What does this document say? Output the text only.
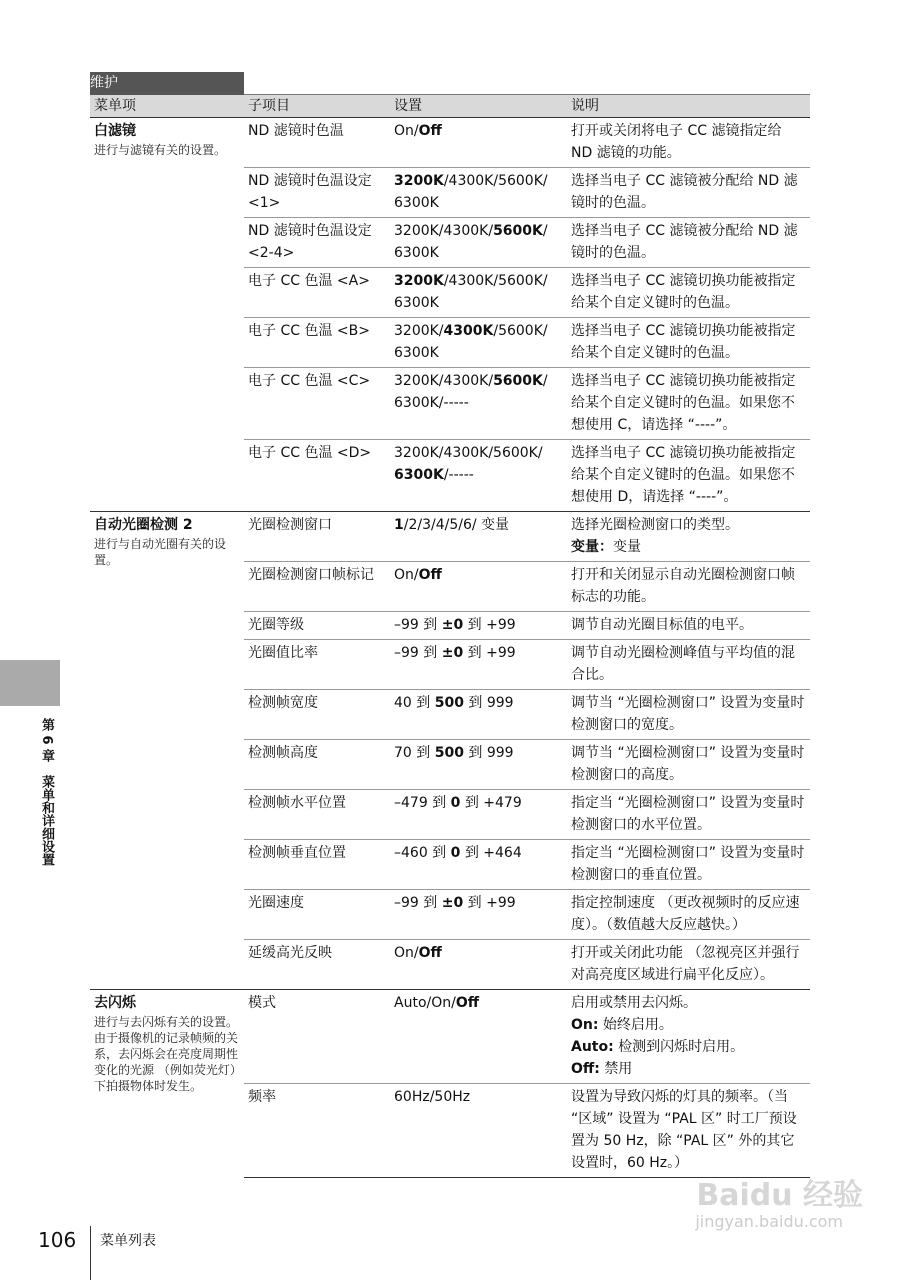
第 6 章　菜单和详细设置
维护			
菜单项	子项目	设置	说明

白滤镜
进行与滤镜有关的设置。	ND 滤镜时色温	On/Off	打开或关闭将电子 CC 滤镜指定给 ND 滤镜的功能。
	ND 滤镜时色温设定 <1>	3200K/4300K/5600K/ 6300K	选择当电子 CC 滤镜被分配给 ND 滤镜时的色温。
	ND 滤镜时色温设定 <2-4>	3200K/4300K/5600K/ 6300K	选择当电子 CC 滤镜被分配给 ND 滤镜时的色温。
	电子 CC 色温 <A>	3200K/4300K/5600K/ 6300K	选择当电子 CC 滤镜切换功能被指定给某个自定义键时的色温。
	电子 CC 色温 <B>	3200K/4300K/5600K/ 6300K	选择当电子 CC 滤镜切换功能被指定给某个自定义键时的色温。
	电子 CC 色温 <C>	3200K/4300K/5600K/ 6300K/-----	选择当电子 CC 滤镜切换功能被指定给某个自定义键时的色温。如果您不想使用 C，请选择 “----”。
	电子 CC 色温 <D>	3200K/4300K/5600K/ 6300K/-----	选择当电子 CC 滤镜切换功能被指定给某个自定义键时的色温。如果您不想使用 D，请选择 “----”。

自动光圈检测 2
进行与自动光圈有关的设置。	光圈检测窗口	1/2/3/4/5/6/ 变量	选择光圈检测窗口的类型。
变量：变量
	光圈检测窗口帧标记	On/Off	打开和关闭显示自动光圈检测窗口帧标志的功能。
	光圈等级	–99 到 ±0 到 +99	调节自动光圈目标值的电平。
	光圈值比率	–99 到 ±0 到 +99	调节自动光圈检测峰值与平均值的混合比。
	检测帧宽度	40 到 500 到 999	调节当 “光圈检测窗口” 设置为变量时检测窗口的宽度。
	检测帧高度	70 到 500 到 999	调节当 “光圈检测窗口” 设置为变量时检测窗口的高度。
	检测帧水平位置	–479 到 0 到 +479	指定当 “光圈检测窗口” 设置为变量时检测窗口的水平位置。
	检测帧垂直位置	–460 到 0 到 +464	指定当 “光圈检测窗口” 设置为变量时检测窗口的垂直位置。
	光圈速度	–99 到 ±0 到 +99	指定控制速度 （更改视频时的反应速度）。（数值越大反应越快。）
	延缓高光反映	On/Off	打开或关闭此功能 （忽视亮区并强行对高亮度区域进行扁平化反应）。

去闪烁
进行与去闪烁有关的设置。由于摄像机的记录帧频的关系，去闪烁会在亮度周期性变化的光源 （例如荧光灯）下拍摄物体时发生。	模式	Auto/On/Off	启用或禁用去闪烁。
On: 始终启用。
Auto: 检测到闪烁时启用。
Off: 禁用
	频率	60Hz/50Hz	设置为导致闪烁的灯具的频率。（当 “区域” 设置为 “PAL 区” 时工厂预设置为 50 Hz，除 “PAL 区” 外的其它设置时，60 Hz。）
106 菜单列表
Baidu 经验
jingyan.baidu.com
